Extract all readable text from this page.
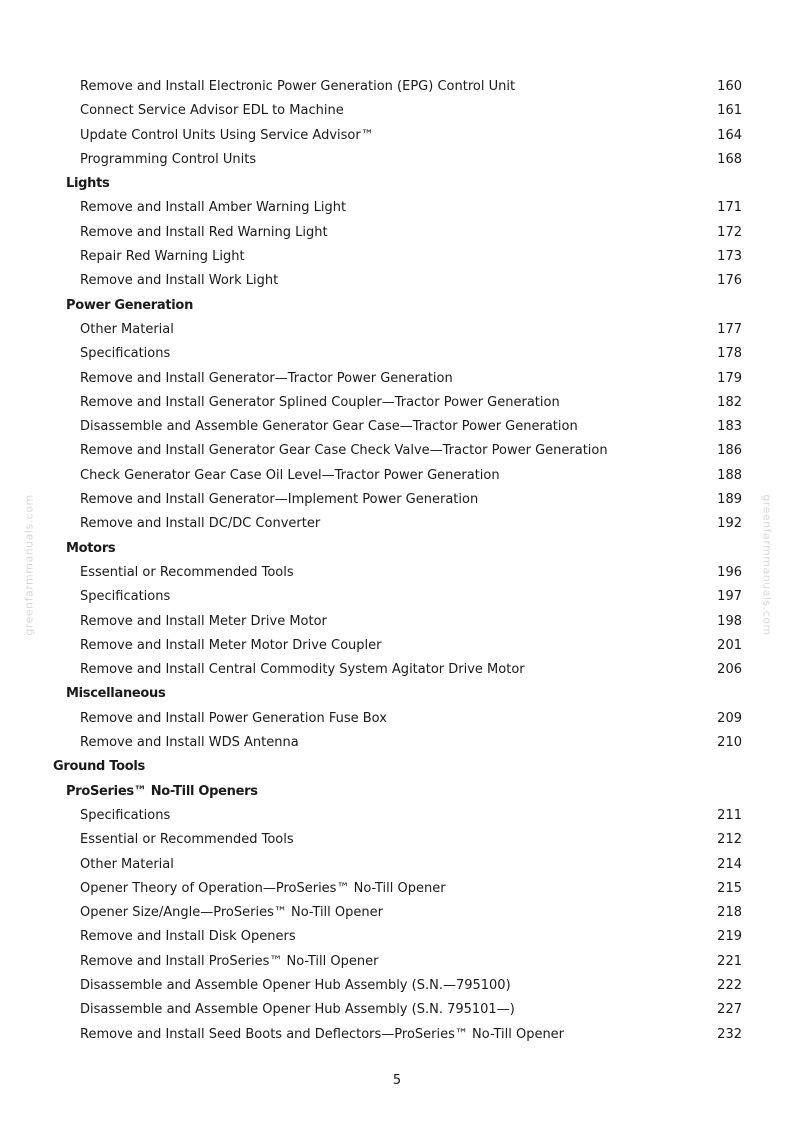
Remove and Install Electronic Power Generation (EPG) Control Unit	160
Connect Service Advisor EDL to Machine	161
Update Control Units Using Service Advisor™	164
Programming Control Units	168
Lights
Remove and Install Amber Warning Light	171
Remove and Install Red Warning Light	172
Repair Red Warning Light	173
Remove and Install Work Light	176
Power Generation
Other Material	177
Specifications	178
Remove and Install Generator—Tractor Power Generation	179
Remove and Install Generator Splined Coupler—Tractor Power Generation	182
Disassemble and Assemble Generator Gear Case—Tractor Power Generation	183
Remove and Install Generator Gear Case Check Valve—Tractor Power Generation	186
Check Generator Gear Case Oil Level—Tractor Power Generation	188
Remove and Install Generator—Implement Power Generation	189
Remove and Install DC/DC Converter	192
Motors
Essential or Recommended Tools	196
Specifications	197
Remove and Install Meter Drive Motor	198
Remove and Install Meter Motor Drive Coupler	201
Remove and Install Central Commodity System Agitator Drive Motor	206
Miscellaneous
Remove and Install Power Generation Fuse Box	209
Remove and Install WDS Antenna	210
Ground Tools
ProSeries™ No-Till Openers
Specifications	211
Essential or Recommended Tools	212
Other Material	214
Opener Theory of Operation—ProSeries™ No-Till Opener	215
Opener Size/Angle—ProSeries™ No-Till Opener	218
Remove and Install Disk Openers	219
Remove and Install ProSeries™ No-Till Opener	221
Disassemble and Assemble Opener Hub Assembly (S.N.—795100)	222
Disassemble and Assemble Opener Hub Assembly (S.N. 795101—)	227
Remove and Install Seed Boots and Deflectors—ProSeries™ No-Till Opener	232
greenfarmmanuals.com	greenfarmmanuals.com
5
